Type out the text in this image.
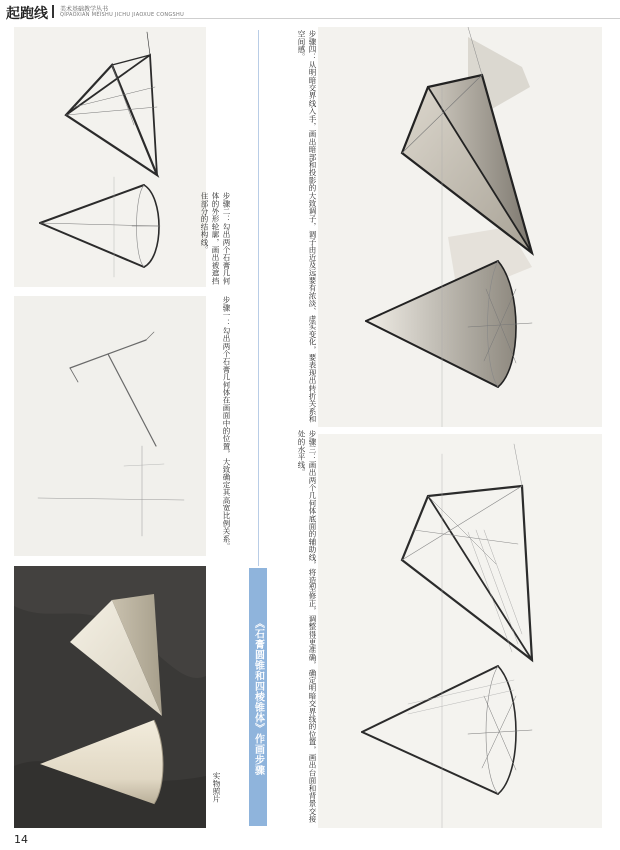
起跑线 美术基础教学丛书
QIPAOXIAN MEISHU JICHU JIAOXUE CONGSHU
步骤二：勾出两个石膏几何体的外形轮廓，画出被遮挡住部分的结构线。
步骤一：勾出两个石膏几何体在画面中的位置，大致确定其高宽比例关系。
实物照片
《石膏圆锥和四棱锥体》作画步骤	步骤三：画出两个几何体底面的辅助线，将造型修正，调整得更准确，确定明暗交界线的位置，画出台面和背景交接处的水平线。
步骤四：从明暗交界线入手，画出暗部和投影的大致调子，调子由近及远要有浓淡、虚实变化，要表现出转折关系和空间感。
14
